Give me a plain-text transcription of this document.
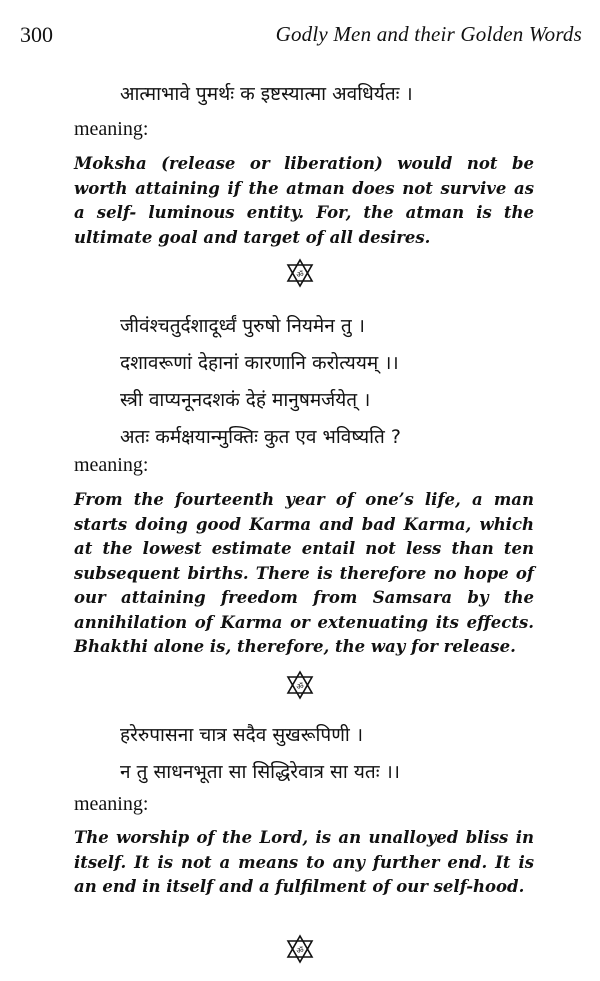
300	Godly Men and their Golden Words
आत्माभावे पुमर्थः क इष्टस्यात्मा अवधिर्यतः ।
meaning:
Moksha (release or liberation) would not be worth attaining if the atman does not survive as a self- luminous entity. For, the atman is the ultimate goal and target of all desires.
ॐ
जीवंश्चतुर्दशादूर्ध्वं पुरुषो नियमेन तु ।
दशावरूणां देहानां कारणानि करोत्ययम् ।।
स्त्री वाप्यनूनदशकं देहं मानुषमर्जयेत् ।
अतः कर्मक्षयान्मुक्तिः कुत एव भविष्यति ?
meaning:
From the fourteenth year of one’s life, a man starts doing good Karma and bad Karma, which at the lowest estimate entail not less than ten subsequent births. There is therefore no hope of our attaining freedom from Samsara by the annihilation of Karma or extenuating its effects. Bhakthi alone is, therefore, the way for release.
ॐ
हरेरुपासना चात्र सदैव सुखरूपिणी ।
न तु साधनभूता सा सिद्धिरेवात्र सा यतः ।।
meaning:
The worship of the Lord, is an unalloyed bliss in itself. It is not a means to any further end. It is an end in itself and a fulfilment of our self-hood.
ॐ
